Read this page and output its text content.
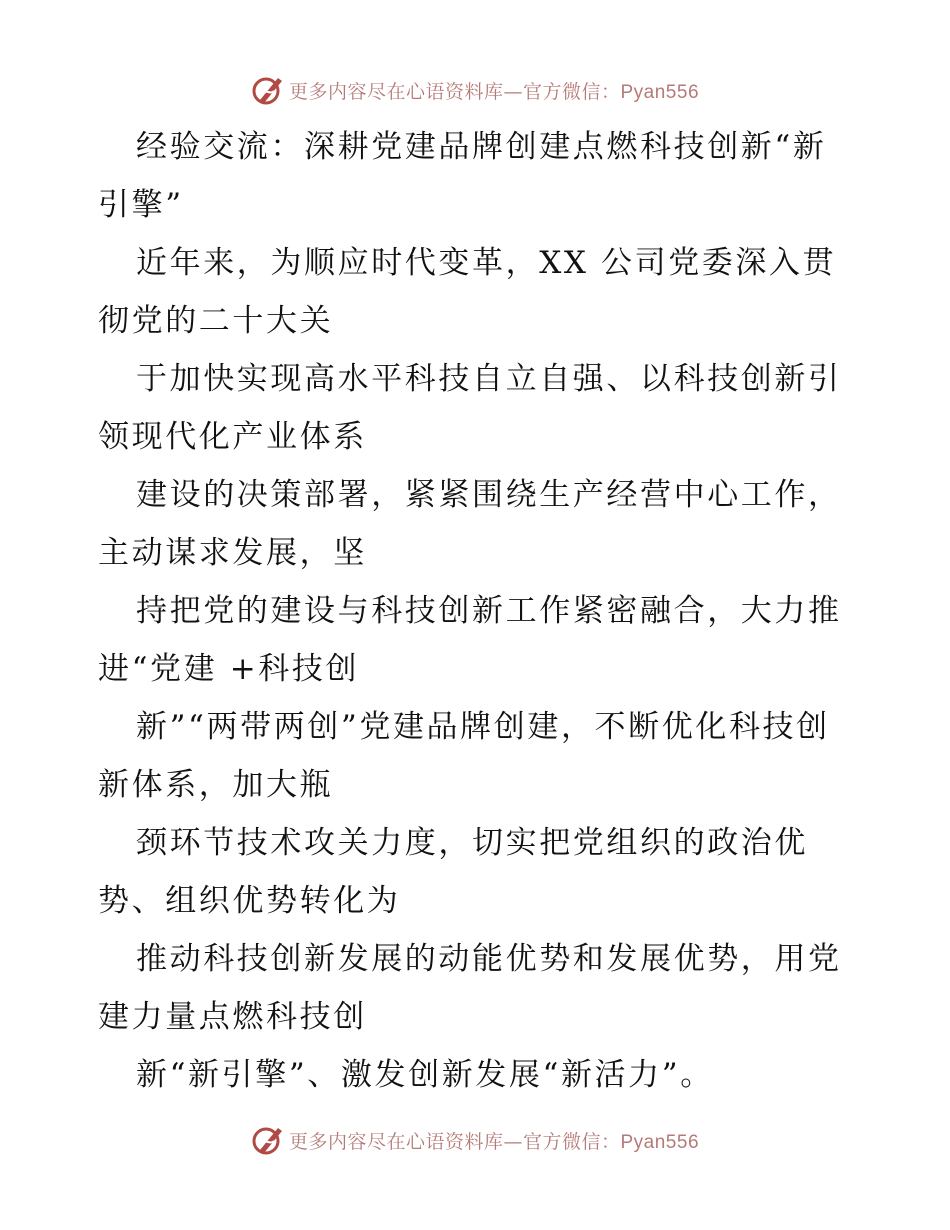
更多内容尽在心语资料库—官方微信：Pyan556

经验交流：深耕党建品牌创建点燃科技创新“新引擎”

近年来，为顺应时代变革，XX 公司党委深入贯彻党的二十大关

于加快实现高水平科技自立自强、以科技创新引领现代化产业体系

建设的决策部署，紧紧围绕生产经营中心工作，主动谋求发展，坚

持把党的建设与科技创新工作紧密融合，大力推进“党建 +科技创

新”“两带两创”党建品牌创建，不断优化科技创新体系，加大瓶

颈环节技术攻关力度，切实把党组织的政治优势、组织优势转化为

推动科技创新发展的动能优势和发展优势，用党建力量点燃科技创

新“新引擎”、激发创新发展“新活力”。

更多内容尽在心语资料库—官方微信：Pyan556
